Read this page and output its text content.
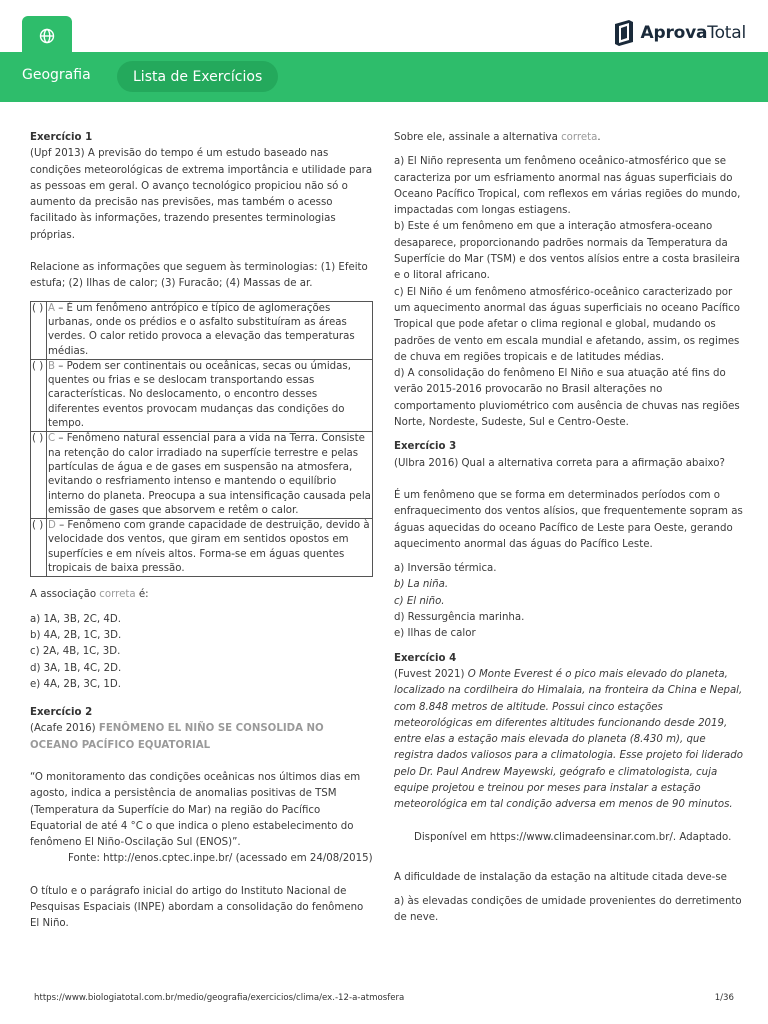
AprovaTotal
Geografia	Lista de Exercícios
Exercício 1
(Upf 2013) A previsão do tempo é um estudo baseado nas condições meteorológicas de extrema importância e utilidade para as pessoas em geral. O avanço tecnológico propiciou não só o aumento da precisão nas previsões, mas também o acesso facilitado às informações, trazendo presentes terminologias próprias.
Relacione as informações que seguem às terminologias: (1) Efeito estufa; (2) Ilhas de calor; (3) Furacão; (4) Massas de ar.
( )	A – É um fenômeno antrópico e típico de aglomerações urbanas, onde os prédios e o asfalto substituíram as áreas verdes. O calor retido provoca a elevação das temperaturas médias.
( )	B – Podem ser continentais ou oceânicas, secas ou úmidas, quentes ou frias e se deslocam transportando essas características. No deslocamento, o encontro desses diferentes eventos provocam mudanças das condições do tempo.
( )	C – Fenômeno natural essencial para a vida na Terra. Consiste na retenção do calor irradiado na superfície terrestre e pelas partículas de água e de gases em suspensão na atmosfera, evitando o resfriamento intenso e mantendo o equilíbrio interno do planeta. Preocupa a sua intensificação causada pela emissão de gases que absorvem e retêm o calor.
( )	D – Fenômeno com grande capacidade de destruição, devido à velocidade dos ventos, que giram em sentidos opostos em superfícies e em níveis altos. Forma-se em águas quentes tropicais de baixa pressão.
A associação correta é:
a) 1A, 3B, 2C, 4D.
b) 4A, 2B, 1C, 3D.
c) 2A, 4B, 1C, 3D.
d) 3A, 1B, 4C, 2D.
e) 4A, 2B, 3C, 1D.
Exercício 2
(Acafe 2016) FENÔMENO EL NIÑO SE CONSOLIDA NO OCEANO PACÍFICO EQUATORIAL
“O monitoramento das condições oceânicas nos últimos dias em agosto, indica a persistência de anomalias positivas de TSM (Temperatura da Superfície do Mar) na região do Pacífico Equatorial de até 4 °C o que indica o pleno estabelecimento do fenômeno El Niño-Oscilação Sul (ENOS)”.
Fonte: http://enos.cptec.inpe.br/ (acessado em 24/08/2015)
O título e o parágrafo inicial do artigo do Instituto Nacional de Pesquisas Espaciais (INPE) abordam a consolidação do fenômeno El Niño.
Sobre ele, assinale a alternativa correta.
a) El Niño representa um fenômeno oceânico-atmosférico que se caracteriza por um esfriamento anormal nas águas superficiais do Oceano Pacífico Tropical, com reflexos em várias regiões do mundo, impactadas com longas estiagens.
b) Este é um fenômeno em que a interação atmosfera-oceano desaparece, proporcionando padrões normais da Temperatura da Superfície do Mar (TSM) e dos ventos alísios entre a costa brasileira e o litoral africano.
c) El Niño é um fenômeno atmosférico-oceânico caracterizado por um aquecimento anormal das águas superficiais no oceano Pacífico Tropical que pode afetar o clima regional e global, mudando os padrões de vento em escala mundial e afetando, assim, os regimes de chuva em regiões tropicais e de latitudes médias.
d) A consolidação do fenômeno El Niño e sua atuação até fins do verão 2015-2016 provocarão no Brasil alterações no comportamento pluviométrico com ausência de chuvas nas regiões Norte, Nordeste, Sudeste, Sul e Centro-Oeste.
Exercício 3
(Ulbra 2016) Qual a alternativa correta para a afirmação abaixo?
É um fenômeno que se forma em determinados períodos com o enfraquecimento dos ventos alísios, que frequentemente sopram as águas aquecidas do oceano Pacífico de Leste para Oeste, gerando aquecimento anormal das águas do Pacífico Leste.
a) Inversão térmica.
b) La niña.
c) El niño.
d) Ressurgência marinha.
e) Ilhas de calor
Exercício 4
(Fuvest 2021) O Monte Everest é o pico mais elevado do planeta, localizado na cordilheira do Himalaia, na fronteira da China e Nepal, com 8.848 metros de altitude. Possui cinco estações meteorológicas em diferentes altitudes funcionando desde 2019, entre elas a estação mais elevada do planeta (8.430 m), que registra dados valiosos para a climatologia. Esse projeto foi liderado pelo Dr. Paul Andrew Mayewski, geógrafo e climatologista, cuja equipe projetou e treinou por meses para instalar a estação meteorológica em tal condição adversa em menos de 90 minutos.
Disponível em https://www.climadeensinar.com.br/. Adaptado.
A dificuldade de instalação da estação na altitude citada deve-se
a) às elevadas condições de umidade provenientes do derretimento de neve.
https://www.biologiatotal.com.br/medio/geografia/exercicios/clima/ex.-12-a-atmosfera	1/36
